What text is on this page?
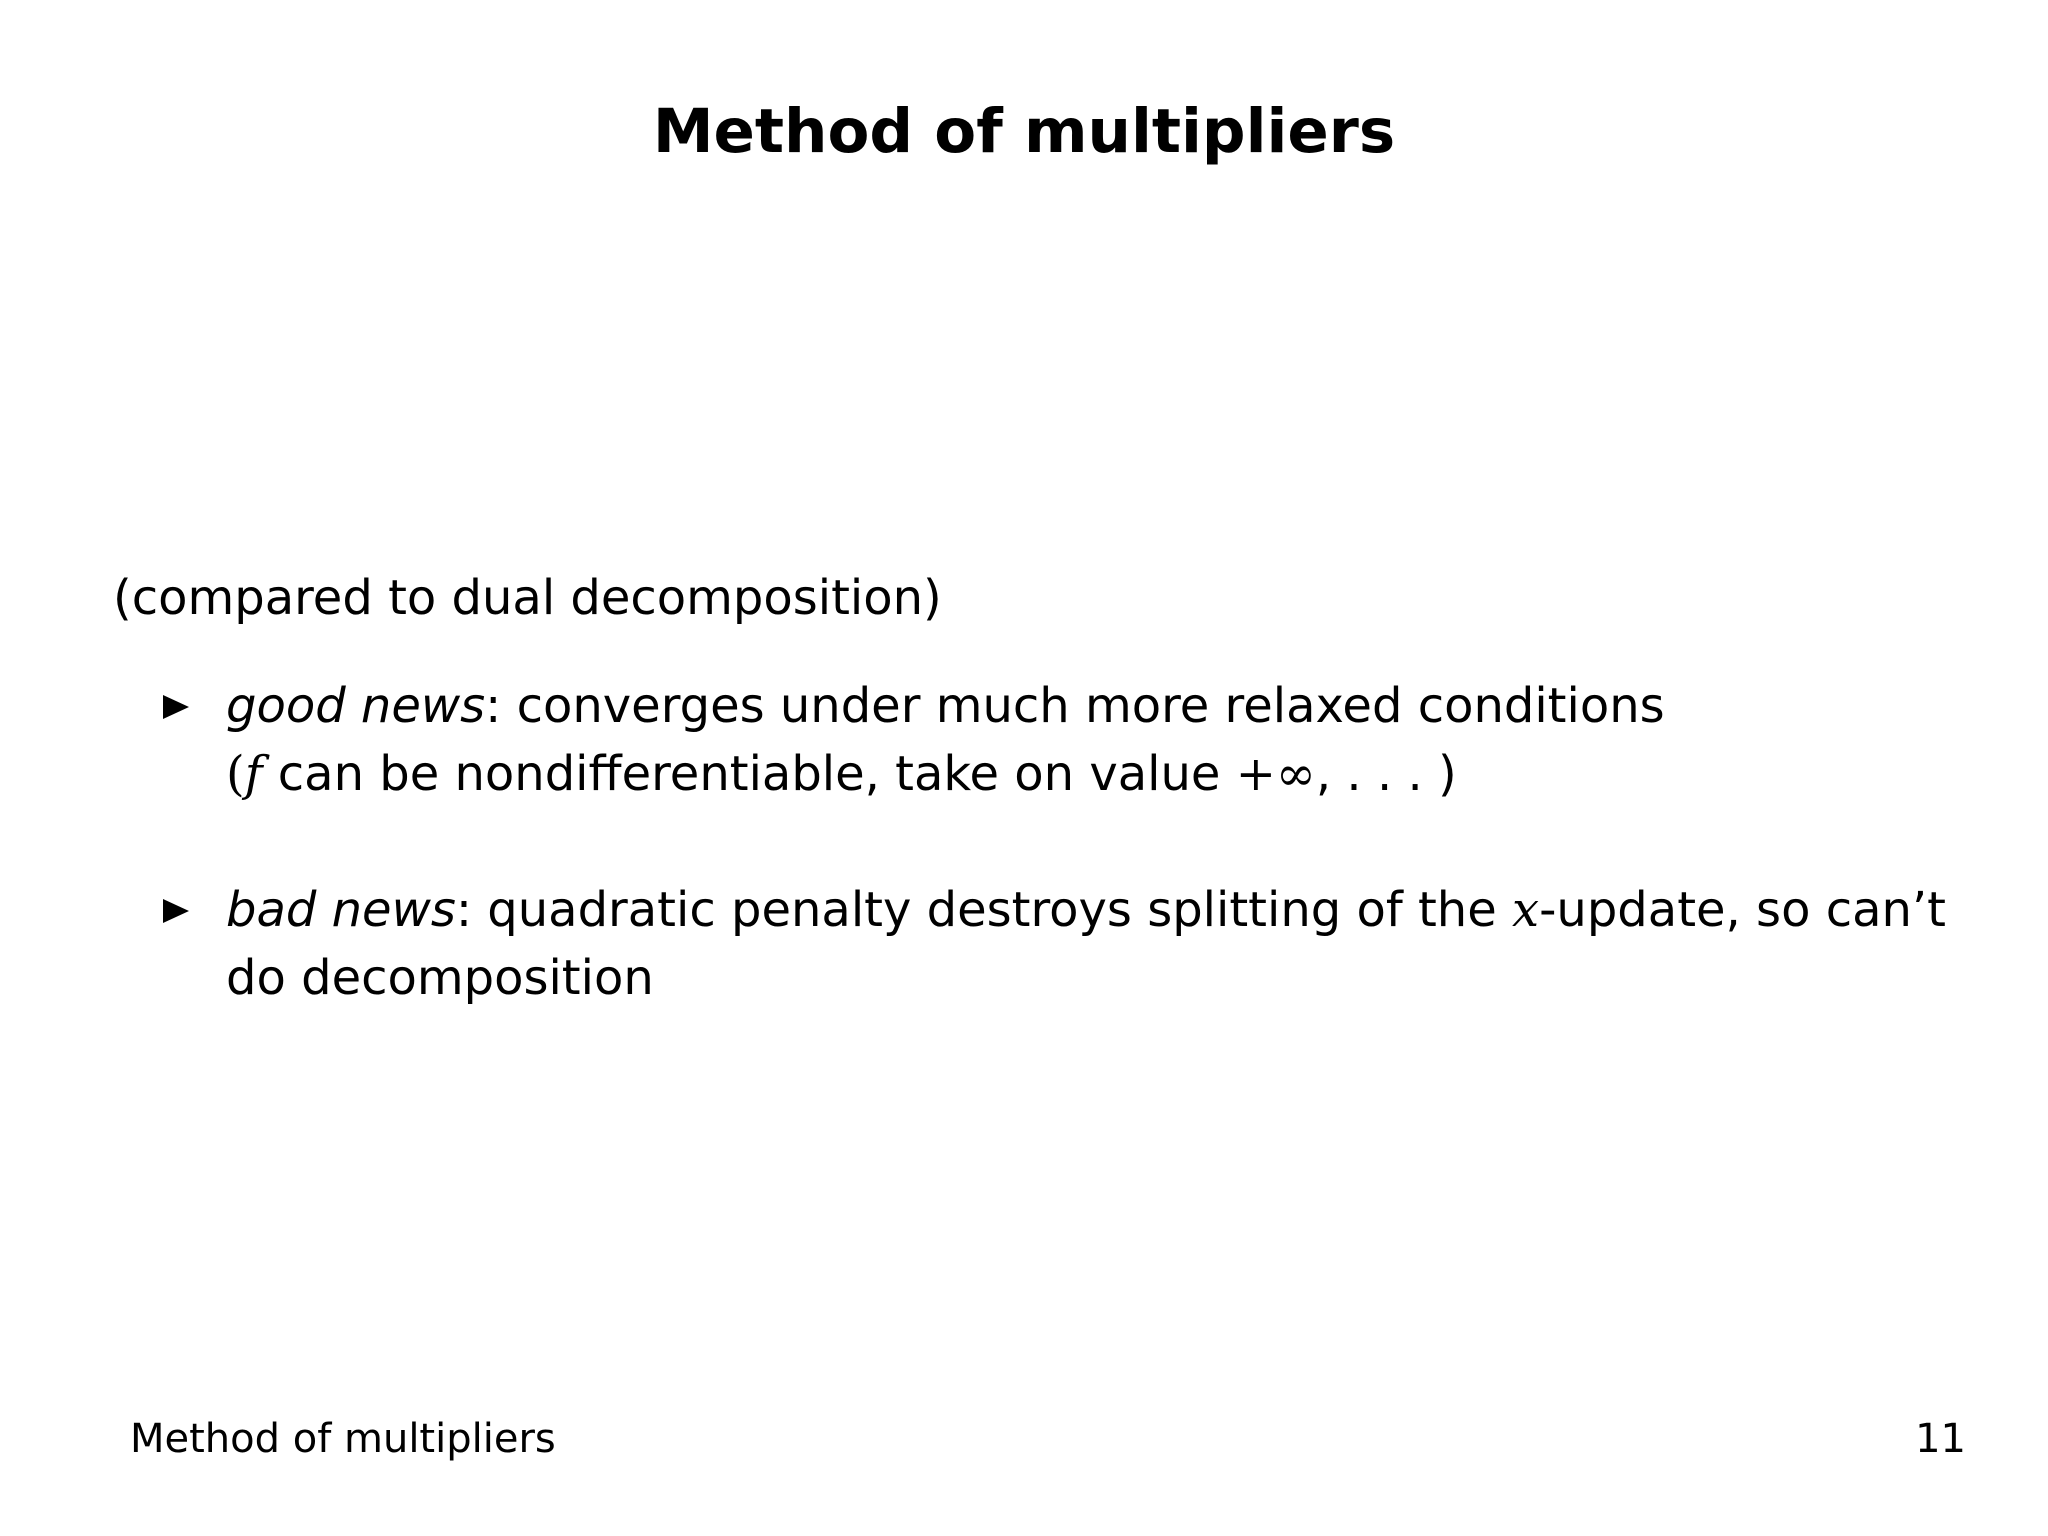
Method of multipliers
(compared to dual decomposition)
good news: converges under much more relaxed conditions
(f can be nondifferentiable, take on value +∞, . . . )
bad news: quadratic penalty destroys splitting of the x-update, so can’t
do decomposition
Method of multipliers	11
